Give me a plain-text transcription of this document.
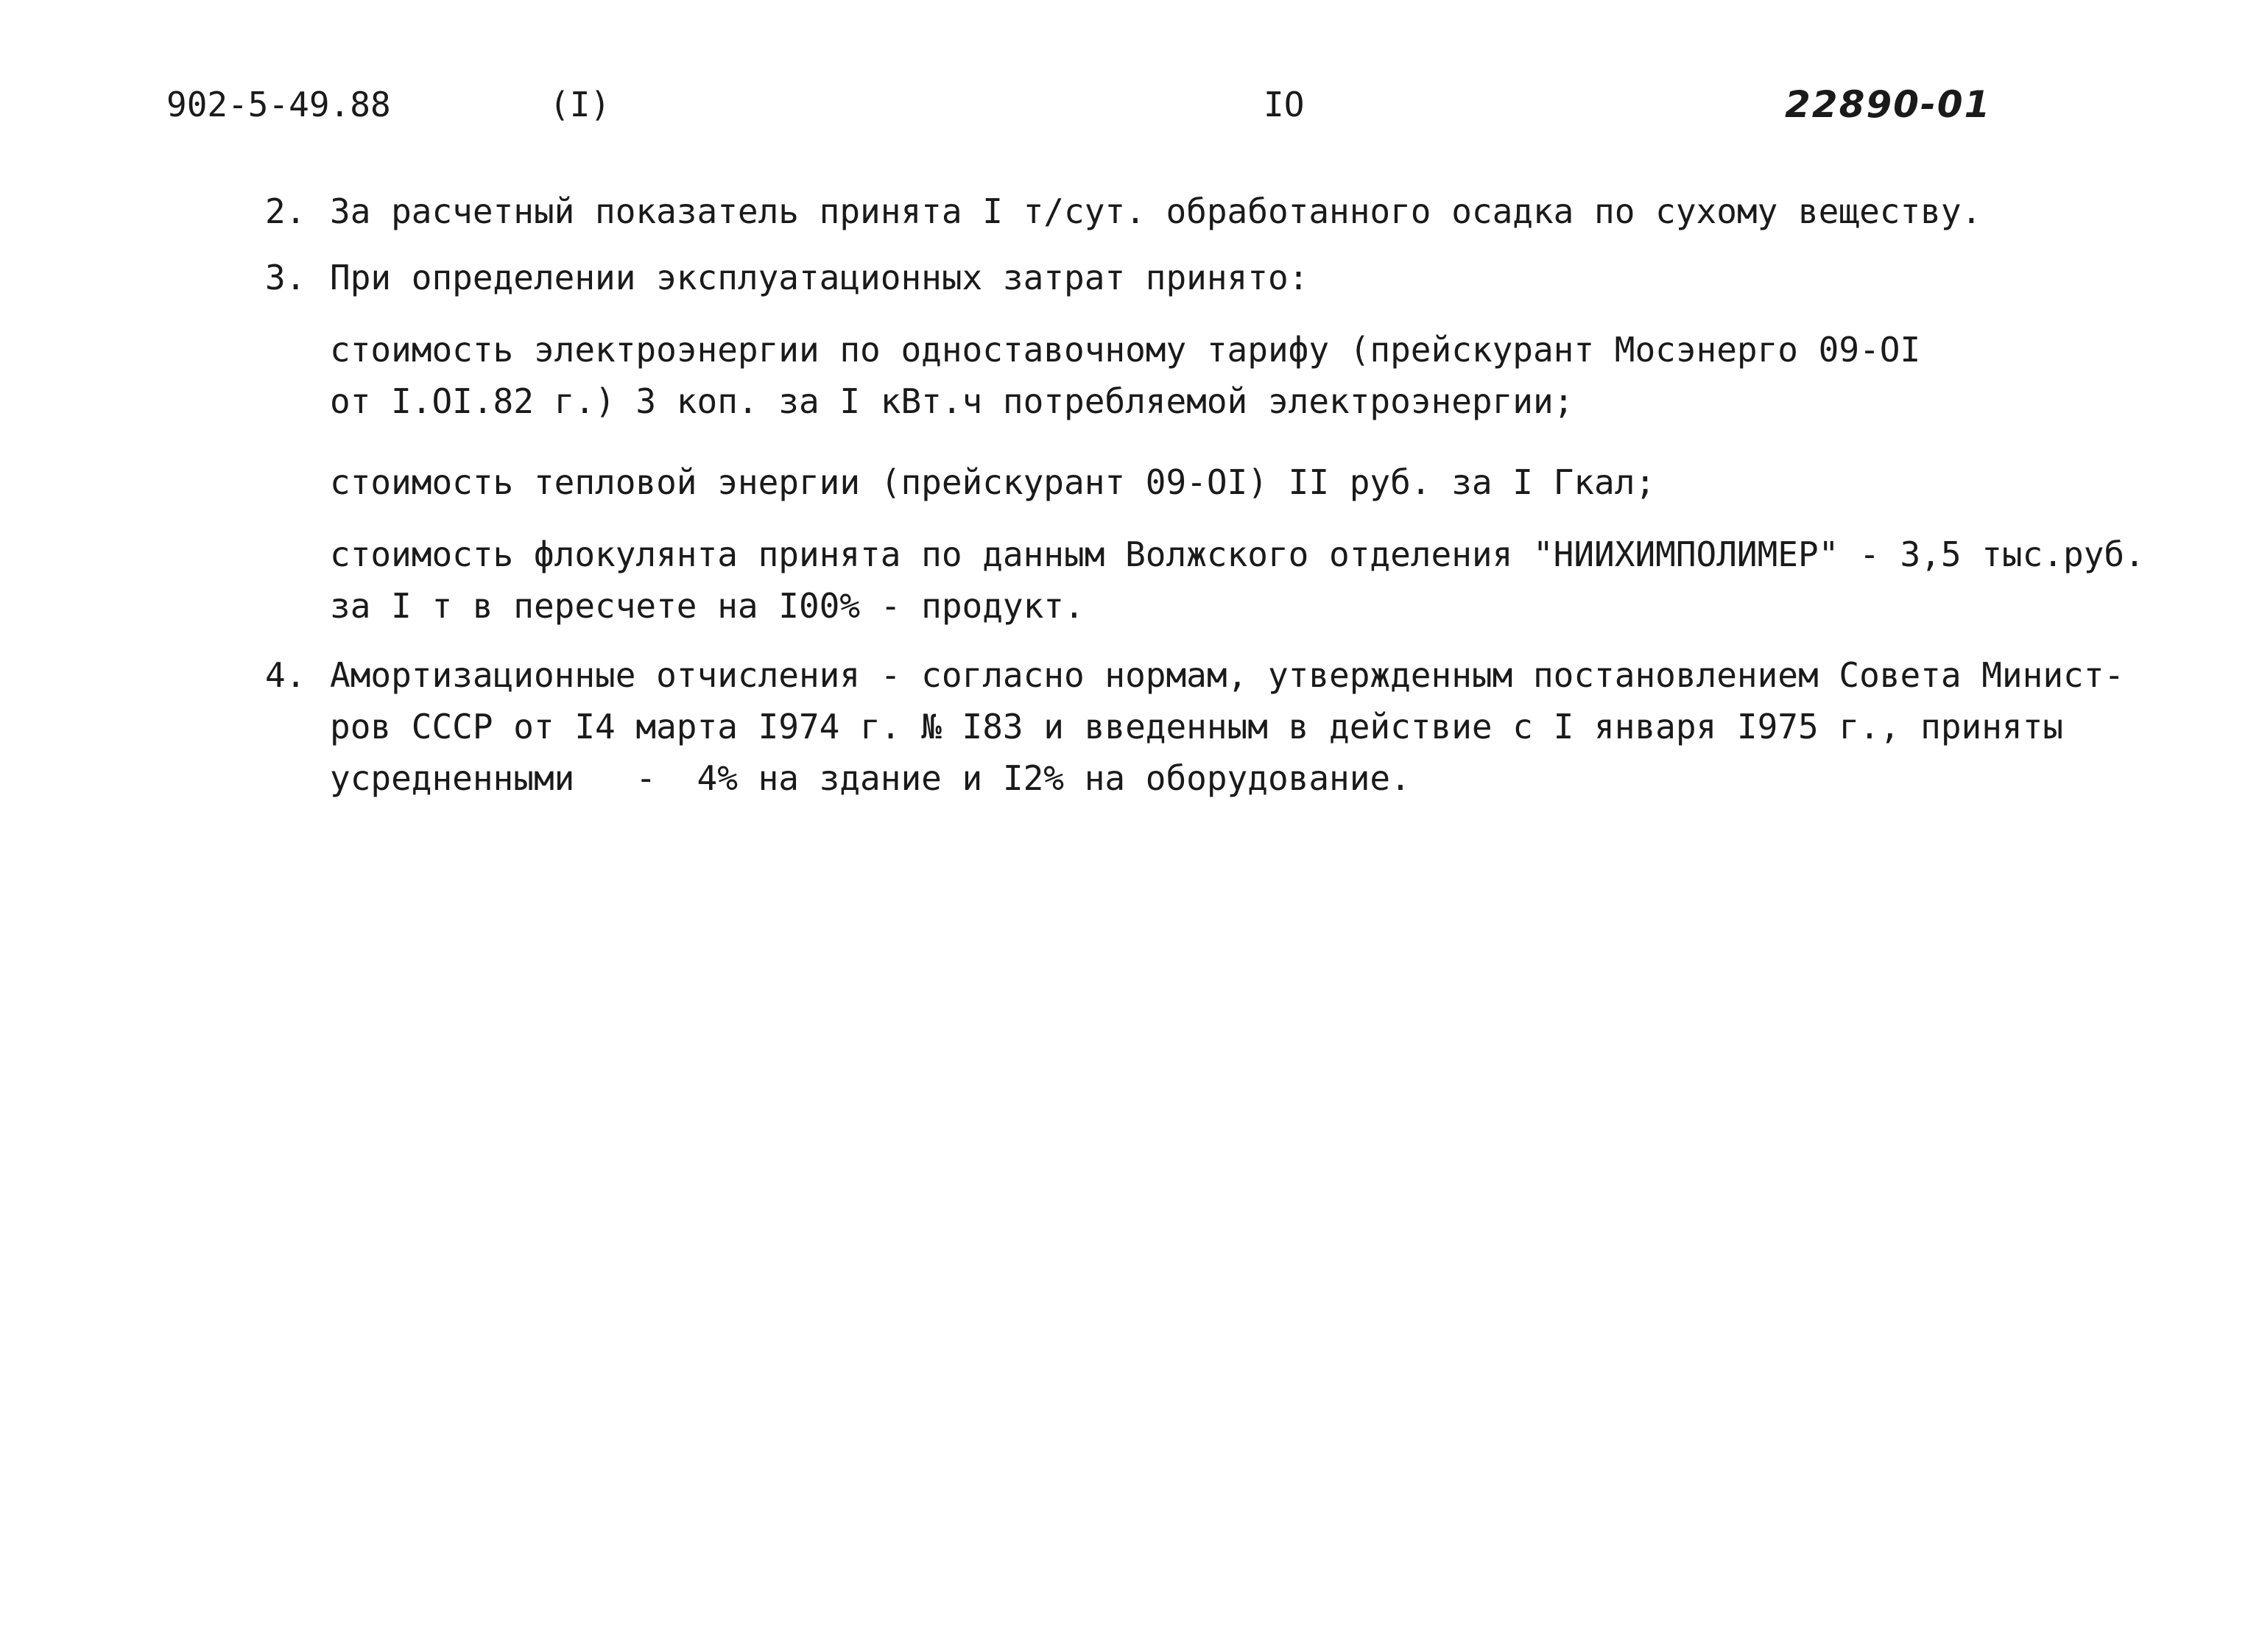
902-5-49.88	(I)	IO	22890-01
2. За расчетный показатель принята I т/сут. обработанного осадка по сухому веществу.
3. При определении эксплуатационных затрат принято:
стоимость электроэнергии по одноставочному тарифу (прейскурант Мосэнерго 09-OI
от I.OI.82 г.) 3 коп. за I кВт.ч потребляемой электроэнергии;
стоимость тепловой энергии (прейскурант 09-OI) II руб. за I Гкал;
стоимость флокулянта принята по данным Волжского отделения "НИИХИМПОЛИМЕР" - 3,5 тыс.руб.
за I т в пересчете на I00% - продукт.
4. Амортизационные отчисления - согласно нормам, утвержденным постановлением Совета Минист-
ров СССР от I4 марта I974 г. № I83 и введенным в действие с I января I975 г., приняты
усредненными   -  4% на здание и I2% на оборудование.
